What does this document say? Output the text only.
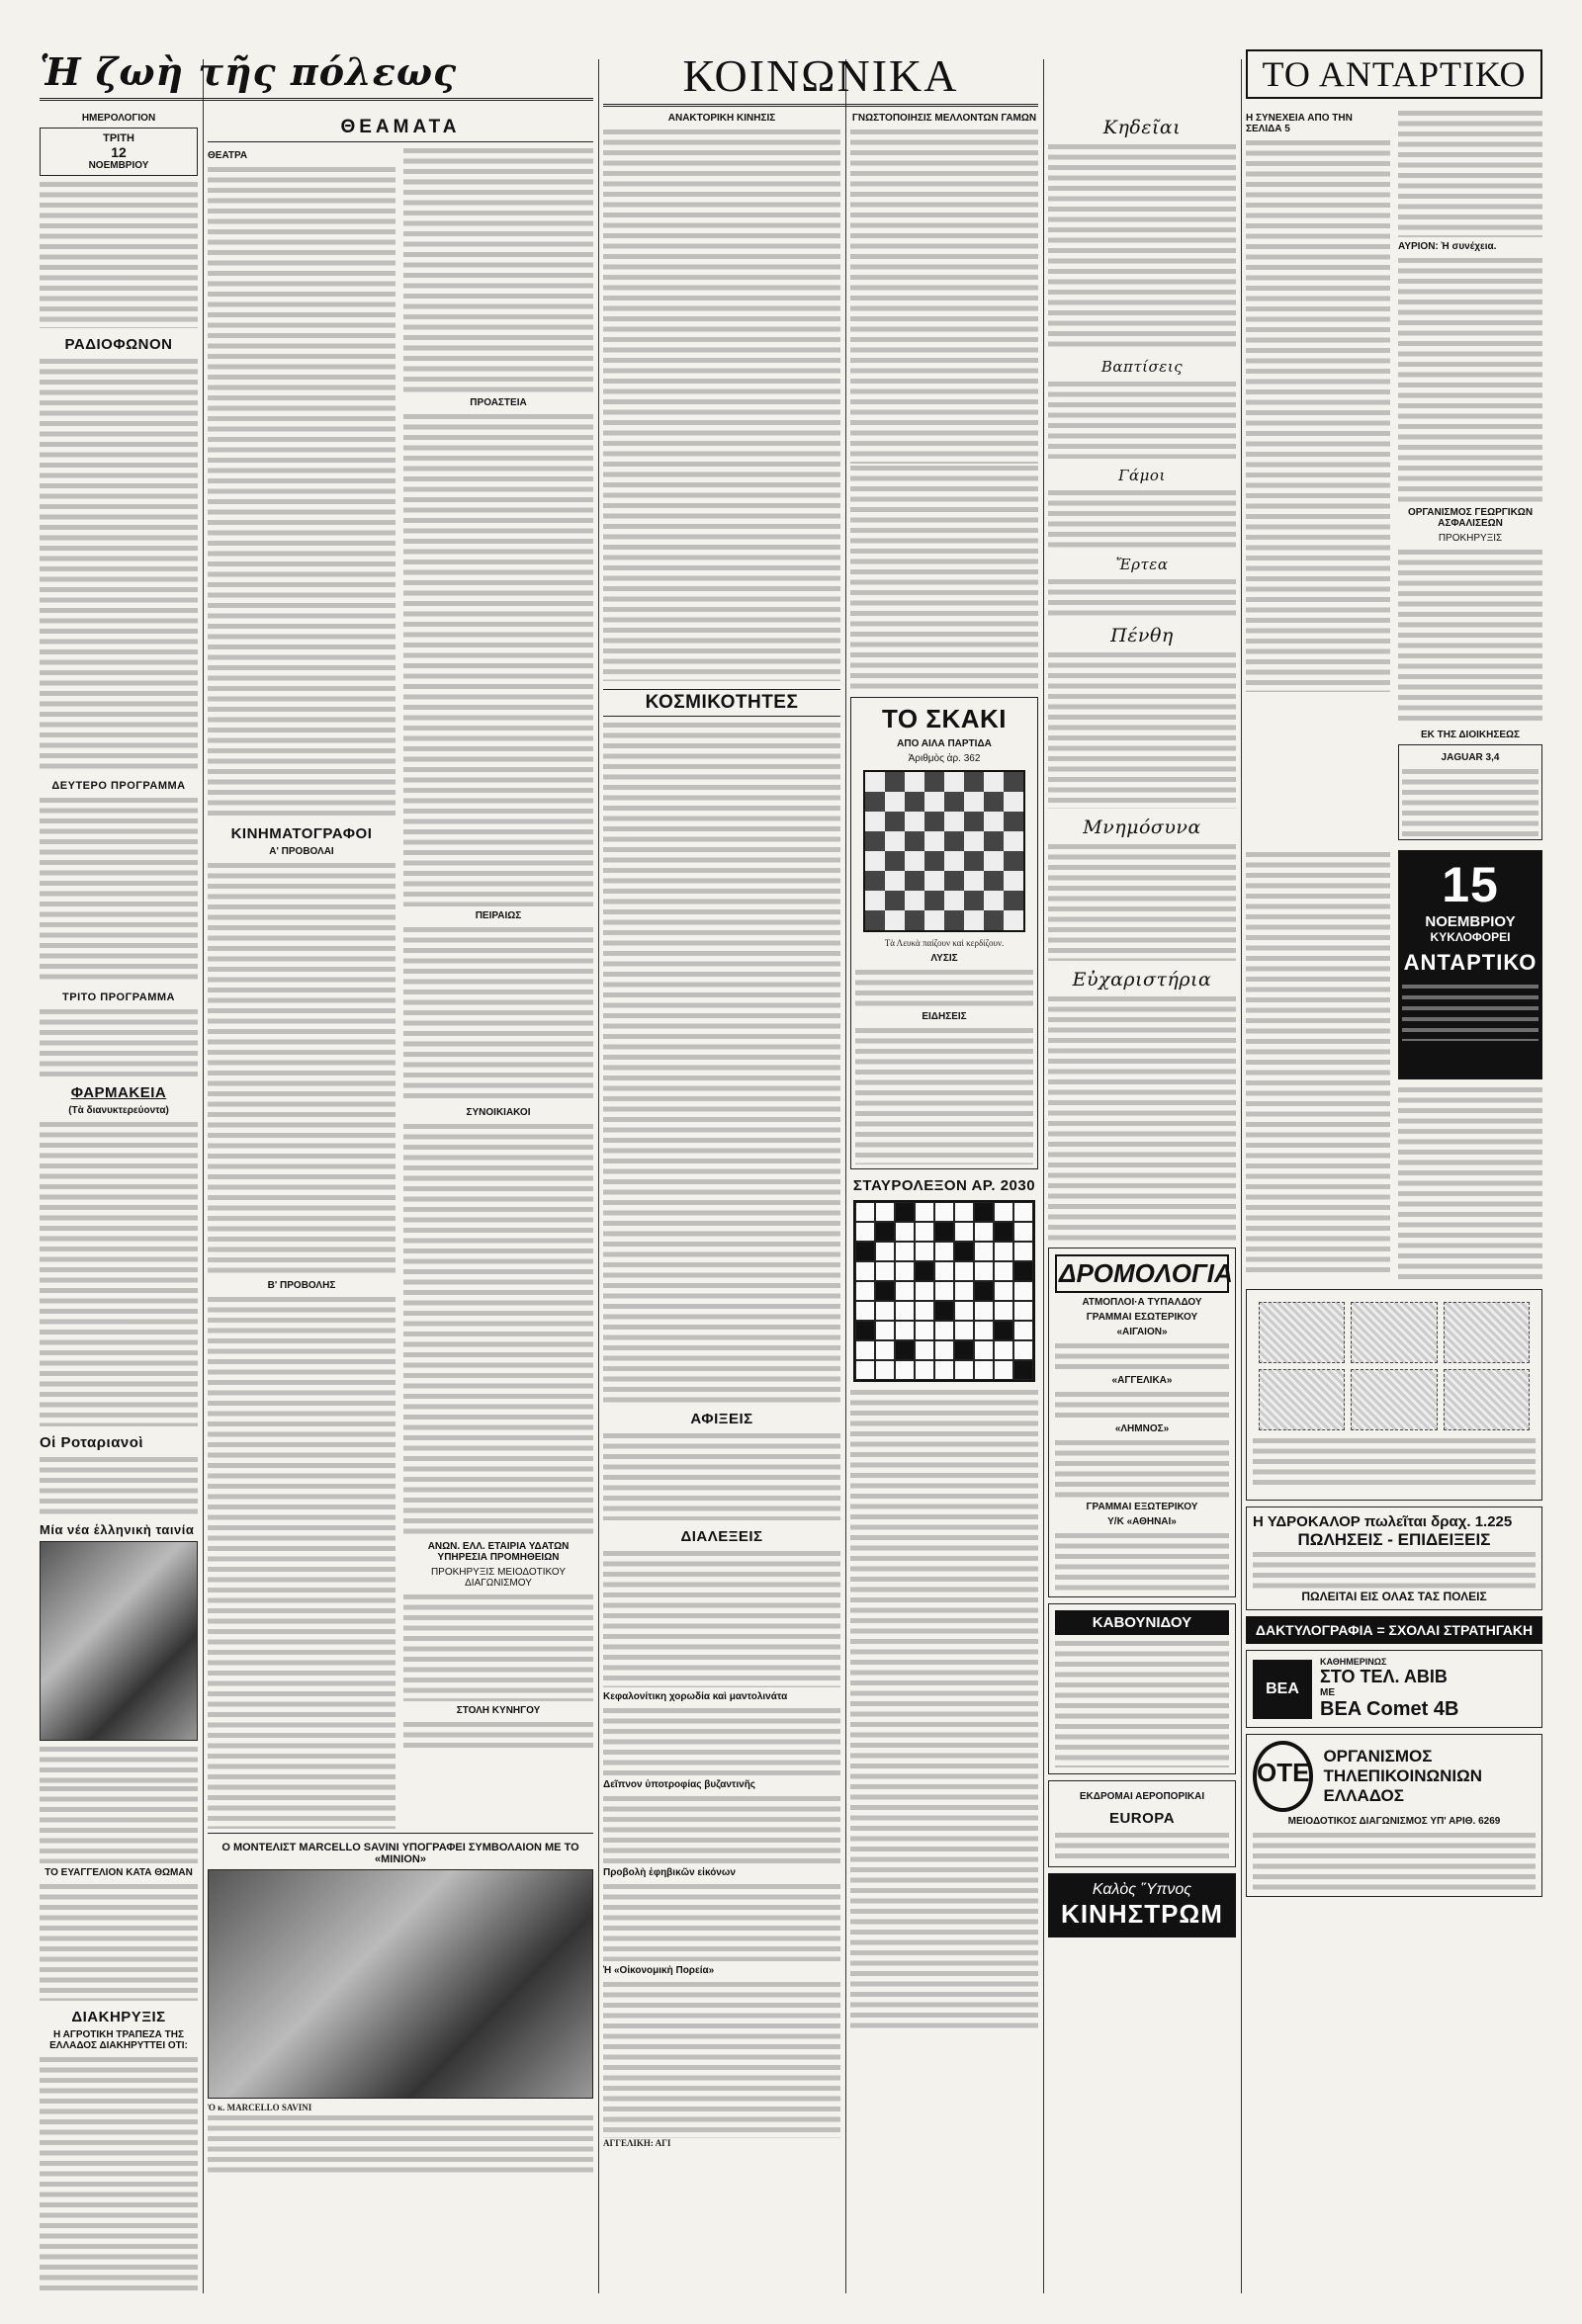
Ἡ ζωὴ τῆς πόλεως
ΗΜΕΡΟΛΟΓΙΟΝ
ΤΡΙΤΗ
12
ΝΟΕΜΒΡΙΟΥ
ΡΑΔΙΟΦΩΝΟΝ
ΔΕΥΤΕΡΟ ΠΡΟΓΡΑΜΜΑ
ΤΡΙΤΟ ΠΡΟΓΡΑΜΜΑ
ΦΑΡΜΑΚΕΙΑ
(Τὰ διανυκτερεύοντα)
Οἱ Ροταριανοὶ
Μία νέα ἑλληνικὴ ταινία
ΤΟ ΕΥΑΓΓΕΛΙΟΝ ΚΑΤΑ ΘΩΜΑΝ
ΔΙΑΚΗΡΥΞΙΣ
Η ΑΓΡΟΤΙΚΗ ΤΡΑΠΕΖΑ ΤΗΣ ΕΛΛΑΔΟΣ ΔΙΑΚΗΡΥΤΤΕΙ ΟΤΙ:
ΘΕΑΜΑΤΑ
ΘΕΑΤΡΑ
ΚΙΝΗΜΑΤΟΓΡΑΦΟΙ
Α' ΠΡΟΒΟΛΑΙ
Β' ΠΡΟΒΟΛΗΣ
ΠΡΟΑΣΤΕΙΑ
ΠΕΙΡΑΙΩΣ
ΣΥΝΟΙΚΙΑΚΟΙ
ΑΝΩΝ. ΕΛΛ. ΕΤΑΙΡΙΑ ΥΔΑΤΩΝ ΥΠΗΡΕΣΙΑ ΠΡΟΜΗΘΕΙΩΝ
ΠΡΟΚΗΡΥΞΙΣ ΜΕΙΟΔΟΤΙΚΟΥ ΔΙΑΓΩΝΙΣΜΟΥ
ΣΤΟΛΗ ΚΥΝΗΓΟΥ
Ο ΜΟΝΤΕΛΙΣΤ MARCELLO SAVINI ΥΠΟΓΡΑΦΕΙ ΣΥΜΒΟΛΑΙΟΝ ΜΕ ΤΟ «ΜΙΝΙΟΝ»
Ὁ κ. MARCELLO SAVINI
ΚΟΙΝΩΝΙΚΑ
ΑΝΑΚΤΟΡΙΚΗ ΚΙΝΗΣΙΣ
ΚΟΣΜΙΚΟΤΗΤΕΣ
ΑΦΙΞΕΙΣ
ΔΙΑΛΕΞΕΙΣ
Κεφαλονίτικη χορωδία καὶ μαντολινάτα
Δεῖπνον ὑποτροφίας βυζαντινῆς
Προβολὴ ἐφηβικῶν εἰκόνων
Ἡ «Οἰκονομικὴ Πορεία»
ΑΓΓΕΛΙΚΗ: ΑΓΙ
ΓΝΩΣΤΟΠΟΙΗΣΙΣ ΜΕΛΛΟΝΤΩΝ ΓΑΜΩΝ
ΤΟ ΣΚΑΚΙ
ΑΠΟ ΑΙΛΑ ΠΑΡΤΙΔΑ
Ἀριθμὸς ἀρ. 362
Τὰ Λευκὰ παίζουν καὶ κερδίζουν.
ΛΥΣΙΣ
ΕΙΔΗΣΕΙΣ
ΣΤΑΥΡΟΛΕΞΟΝ ΑΡ. 2030
Κηδεῖαι
Βαπτίσεις
Γάμοι
Ἔρτεα
Πένθη
Μνημόσυνα
Εὐχαριστήρια
ΔΡΟΜΟΛΟΓΙΑ
ΑΤΜΟΠΛΟΙ·Α ΤΥΠΑΛΔΟΥ
ΓΡΑΜΜΑΙ ΕΣΩΤΕΡΙΚΟΥ
«ΑΙΓΑΙΟΝ»
«ΑΓΓΕΛΙΚΑ»
«ΛΗΜΝΟΣ»
ΓΡΑΜΜΑΙ ΕΞΩΤΕΡΙΚΟΥ
Υ/Κ «ΑΘΗΝΑΙ»
ΚΑΒΟΥΝΙΔΟΥ
ΕΚΔΡΟΜΑΙ ΑΕΡΟΠΟΡΙΚΑΙ
EUROPA
Καλὸς Ὕπνος
ΚΙΝΗΣΤΡΩΜ
ΤΟ ΑΝΤΑΡΤΙΚΟ
Η ΣΥΝΕΧΕΙΑ ΑΠΟ ΤΗΝ ΣΕΛΙΔΑ 5
ΑΥΡΙΟΝ: Ἡ συνέχεια.
ΟΡΓΑΝΙΣΜΟΣ ΓΕΩΡΓΙΚΩΝ ΑΣΦΑΛΙΣΕΩΝ
ΠΡΟΚΗΡΥΞΙΣ
ΕΚ ΤΗΣ ΔΙΟΙΚΗΣΕΩΣ
JAGUAR 3,4
15
ΝΟΕΜΒΡΙΟΥ
ΚΥΚΛΟΦΟΡΕΙ
ΑΝΤΑΡΤΙΚΟ
Η ΥΔΡΟΚΑΛΟΡ πωλεῖται δραχ. 1.225
ΠΩΛΗΣΕΙΣ - ΕΠΙΔΕΙΞΕΙΣ
ΠΩΛΕΙΤΑΙ ΕΙΣ ΟΛΑΣ ΤΑΣ ΠΟΛΕΙΣ
ΔΑΚΤΥΛΟΓΡΑΦΙΑ = ΣΧΟΛΑΙ ΣΤΡΑΤΗΓΑΚΗ
BEA
ΚΑΘΗΜΕΡΙΝΩΣ
ΣΤΟ ΤΕΛ. ΑΒΙΒ
ΜΕ
BEA Comet 4B
ΟΤΕ
ΟΡΓΑΝΙΣΜΟΣ ΤΗΛΕΠΙΚΟΙΝΩΝΙΩΝ ΕΛΛΑΔΟΣ
ΜΕΙΟΔΟΤΙΚΟΣ ΔΙΑΓΩΝΙΣΜΟΣ ΥΠ' ΑΡΙΘ. 6269
